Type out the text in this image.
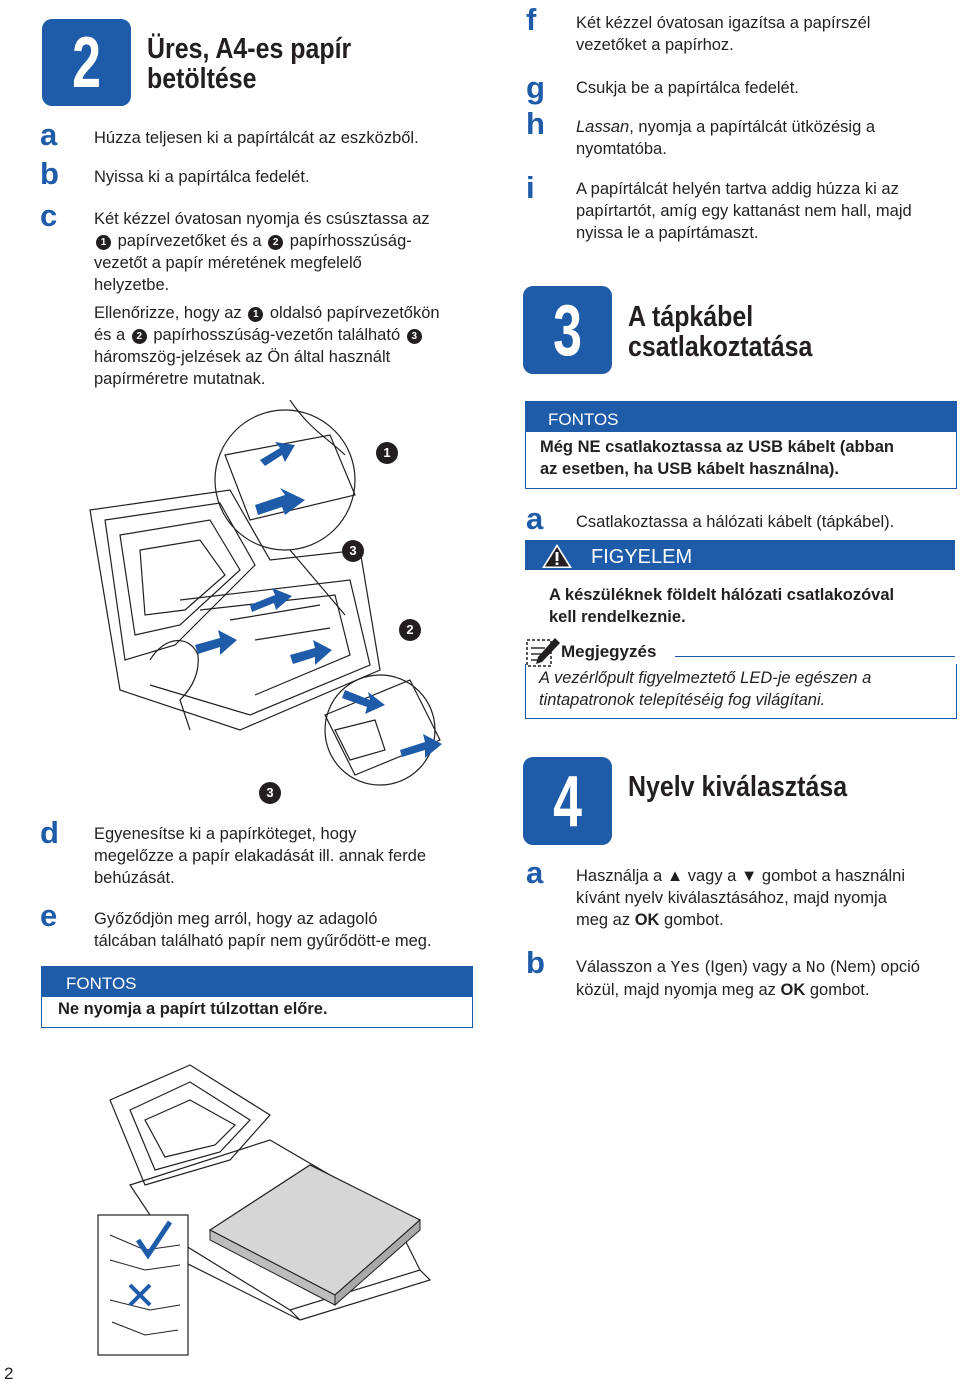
2	Üres, A4-es papír
betöltése
a Húzza teljesen ki a papírtálcát az eszközből.
b Nyissa ki a papírtálca fedelét.
c Két kézzel óvatosan nyomja és csúsztassa az
1 papírvezetőket és a 2 papírhosszúság-
vezetőt a papír méretének megfelelő
helyzetbe.
Ellenőrizze, hogy az 1 oldalsó papírvezetőkön
és a 2 papírhosszúság-vezetőn található 3
háromszög-jelzések az Ön által használt
papírméretre mutatnak.
1
3
2
3
d Egyenesítse ki a papírköteget, hogy
megelőzze a papír elakadását ill. annak ferde
behúzását.
e Győződjön meg arról, hogy az adagoló
tálcában található papír nem gyűrődött-e meg.
FONTOS
Ne nyomja a papírt túlzottan előre.
2
f Két kézzel óvatosan igazítsa a papírszél
vezetőket a papírhoz.
g Csukja be a papírtálca fedelét.
h Lassan, nyomja a papírtálcát ütközésig a
nyomtatóba.
i	A papírtálcát helyén tartva addig húzza ki az
papírtartót, amíg egy kattanást nem hall, majd
nyissa le a papírtámaszt.
3	A tápkábel
csatlakoztatása
FONTOS
Még NE csatlakoztassa az USB kábelt (abban
az esetben, ha USB kábelt használna).
a Csatlakoztassa a hálózati kábelt (tápkábel).
FIGYELEM
A készüléknek földelt hálózati csatlakozóval
kell rendelkeznie.
Megjegyzés
A vezérlőpult figyelmeztető LED-je egészen a
tintapatronok telepítéséig fog világítani.
4	Nyelv kiválasztása
a Használja a ▲ vagy a ▼ gombot a használni
kívánt nyelv kiválasztásához, majd nyomja
meg az OK gombot.
b Válasszon a Yes (Igen) vagy a No (Nem) opció
közül, majd nyomja meg az OK gombot.
